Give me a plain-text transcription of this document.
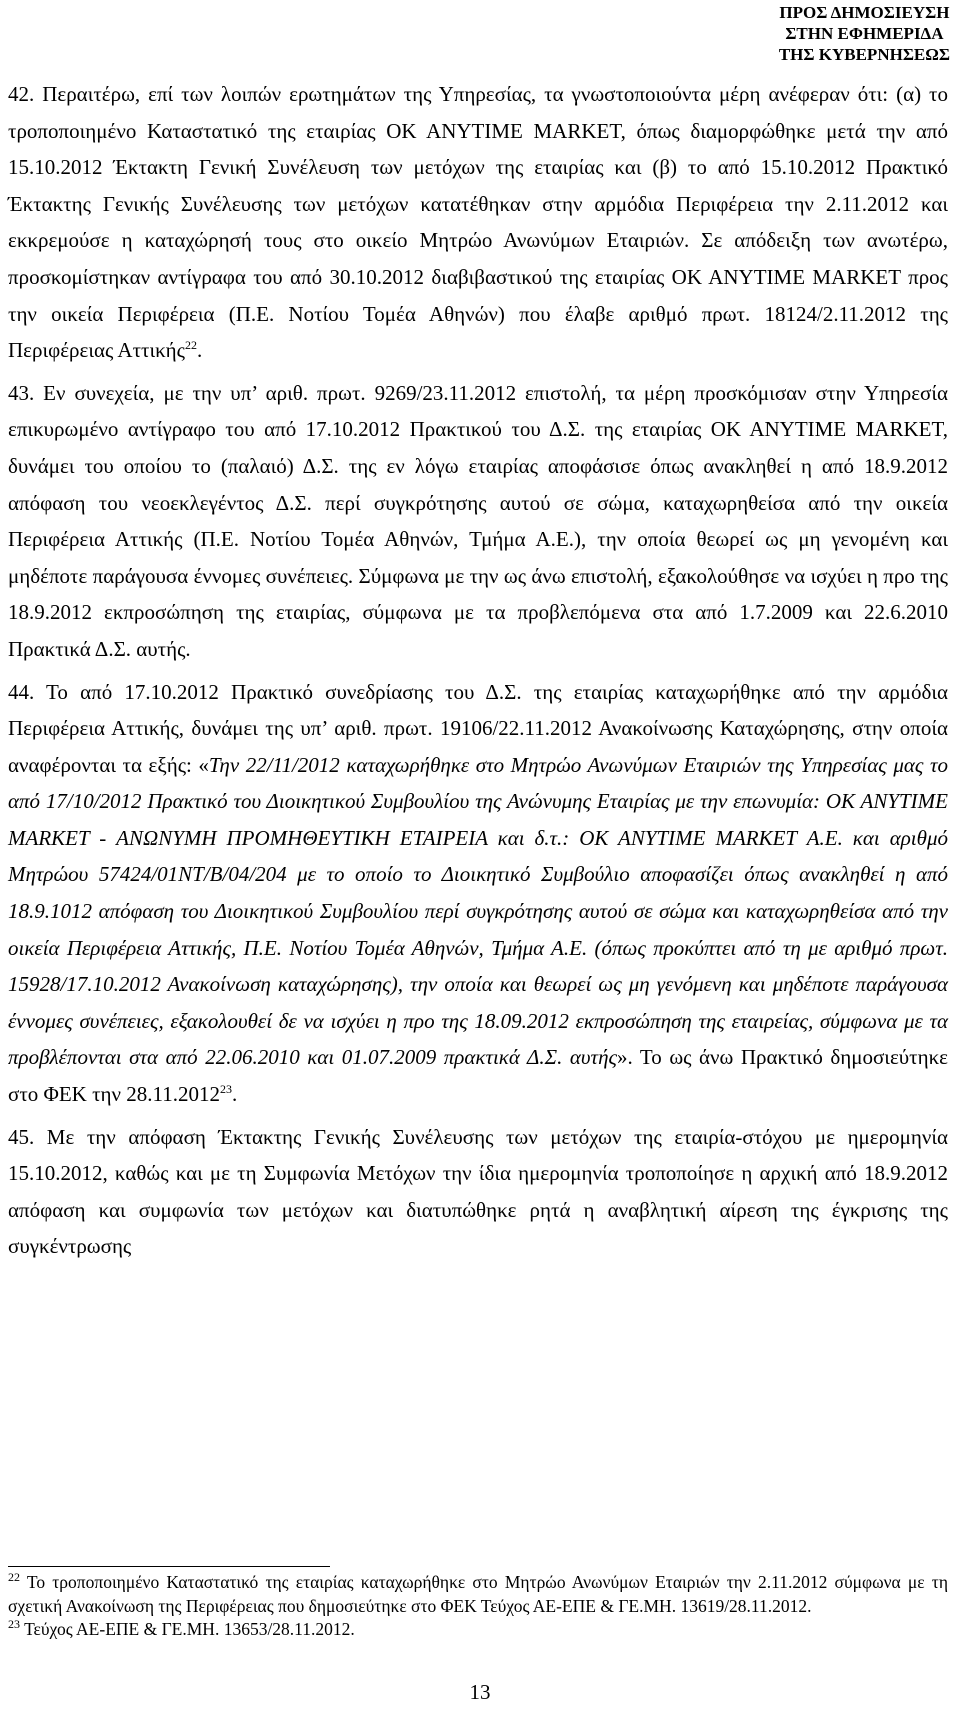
ΠΡΟΣ ΔΗΜΟΣΙΕΥΣΗ
ΣΤΗΝ ΕΦΗΜΕΡΙΔΑ
ΤΗΣ ΚΥΒΕΡΝΗΣΕΩΣ

42. Περαιτέρω, επί των λοιπών ερωτημάτων της Υπηρεσίας, τα γνωστοποιούντα μέρη ανέφεραν ότι: (α) το τροποποιημένο Καταστατικό της εταιρίας ΟΚ ΑΝΥΤΙΜΕ MARKET, όπως διαμορφώθηκε μετά την από 15.10.2012 Έκτακτη Γενική Συνέλευση των μετόχων της εταιρίας και (β) το από 15.10.2012 Πρακτικό Έκτακτης Γενικής Συνέλευσης των μετόχων κατατέθηκαν στην αρμόδια Περιφέρεια την 2.11.2012 και εκκρεμούσε η καταχώρησή τους στο οικείο Μητρώο Ανωνύμων Εταιριών. Σε απόδειξη των ανωτέρω, προσκομίστηκαν αντίγραφα του από 30.10.2012 διαβιβαστικού της εταιρίας ΟΚ ΑΝΥΤΙΜΕ MARKET προς την οικεία Περιφέρεια (Π.Ε. Νοτίου Τομέα Αθηνών) που έλαβε αριθμό πρωτ. 18124/2.11.2012 της Περιφέρειας Αττικής$^{22}$.

43. Εν συνεχεία, με την υπ’ αριθ. πρωτ. 9269/23.11.2012 επιστολή, τα μέρη προσκόμισαν στην Υπηρεσία επικυρωμένο αντίγραφο του από 17.10.2012 Πρακτικού του Δ.Σ. της εταιρίας ΟΚ ΑΝΥΤΙΜΕ MARKET, δυνάμει του οποίου το (παλαιό) Δ.Σ. της εν λόγω εταιρίας αποφάσισε όπως ανακληθεί η από 18.9.2012 απόφαση του νεοεκλεγέντος Δ.Σ. περί συγκρότησης αυτού σε σώμα, καταχωρηθείσα από την οικεία Περιφέρεια Αττικής (Π.Ε. Νοτίου Τομέα Αθηνών, Τμήμα Α.Ε.), την οποία θεωρεί ως μη γενομένη και μηδέποτε παράγουσα έννομες συνέπειες. Σύμφωνα με την ως άνω επιστολή, εξακολούθησε να ισχύει η προ της 18.9.2012 εκπροσώπηση της εταιρίας, σύμφωνα με τα προβλεπόμενα στα από 1.7.2009 και 22.6.2010 Πρακτικά Δ.Σ. αυτής.

44. Το από 17.10.2012 Πρακτικό συνεδρίασης του Δ.Σ. της εταιρίας καταχωρήθηκε από την αρμόδια Περιφέρεια Αττικής, δυνάμει της υπ’ αριθ. πρωτ. 19106/22.11.2012 Ανακοίνωσης Καταχώρησης, στην οποία αναφέρονται τα εξής: «Την 22/11/2012 καταχωρήθηκε στο Μητρώο Ανωνύμων Εταιριών της Υπηρεσίας μας το από 17/10/2012 Πρακτικό του Διοικητικού Συμβουλίου της Ανώνυμης Εταιρίας με την επωνυμία: ΟΚ ΑΝΥΤΙΜΕ MARKET - ΑΝΩΝΥΜΗ ΠΡΟΜΗΘΕΥΤΙΚΗ ΕΤΑΙΡΕΙΑ και δ.τ.: ΟΚ ΑΝΥΤΙΜΕ MARKET Α.Ε. και αριθμό Μητρώου 57424/01ΝΤ/Β/04/204 με το οποίο το Διοικητικό Συμβούλιο αποφασίζει όπως ανακληθεί η από 18.9.1012 απόφαση του Διοικητικού Συμβουλίου περί συγκρότησης αυτού σε σώμα και καταχωρηθείσα από την οικεία Περιφέρεια Αττικής, Π.Ε. Νοτίου Τομέα Αθηνών, Τμήμα Α.Ε. (όπως προκύπτει από τη με αριθμό πρωτ. 15928/17.10.2012 Ανακοίνωση καταχώρησης), την οποία και θεωρεί ως μη γενόμενη και μηδέποτε παράγουσα έννομες συνέπειες, εξακολουθεί δε να ισχύει η προ της 18.09.2012 εκπροσώπηση της εταιρείας, σύμφωνα με τα προβλέπονται στα από 22.06.2010 και 01.07.2009 πρακτικά Δ.Σ. αυτής». Το ως άνω Πρακτικό δημοσιεύτηκε στο ΦΕΚ την 28.11.2012$^{23}$.

45. Με την απόφαση Έκτακτης Γενικής Συνέλευσης των μετόχων της εταιρία-στόχου με ημερομηνία 15.10.2012, καθώς και με τη Συμφωνία Μετόχων την ίδια ημερομηνία τροποποίησε η αρχική από 18.9.2012 απόφαση και συμφωνία των μετόχων και διατυπώθηκε ρητά η αναβλητική αίρεση της έγκρισης της συγκέντρωσης

$^{22}$ Το τροποποιημένο Καταστατικό της εταιρίας καταχωρήθηκε στο Μητρώο Ανωνύμων Εταιριών την 2.11.2012 σύμφωνα με τη σχετική Ανακοίνωση της Περιφέρειας που δημοσιεύτηκε στο ΦΕΚ Τεύχος ΑΕ-ΕΠΕ & ΓΕ.ΜΗ. 13619/28.11.2012.

$^{23}$ Τεύχος ΑΕ-ΕΠΕ & ΓΕ.ΜΗ. 13653/28.11.2012.

13
